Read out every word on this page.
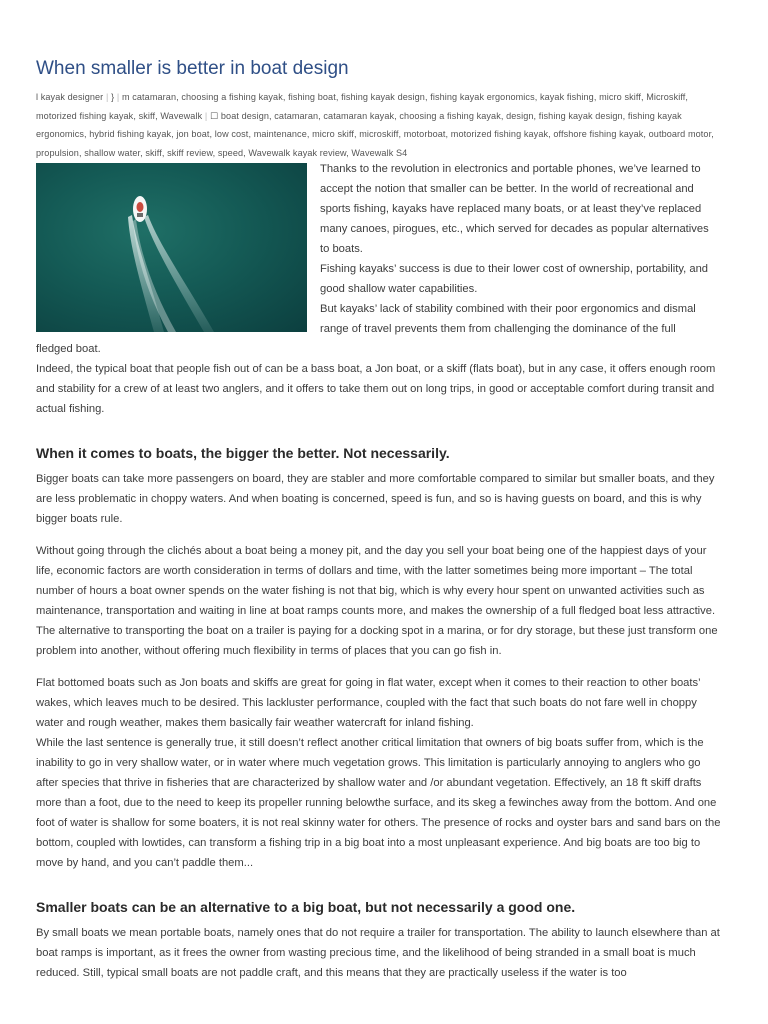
When smaller is better in boat design
l kayak designer | } | m catamaran, choosing a fishing kayak, fishing boat, fishing kayak design, fishing kayak ergonomics, kayak fishing, micro skiff, Microskiff, motorized fishing kayak, skiff, Wavewalk | ☐ boat design, catamaran, catamaran kayak, choosing a fishing kayak, design, fishing kayak design, fishing kayak ergonomics, hybrid fishing kayak, jon boat, low cost, maintenance, micro skiff, microskiff, motorboat, motorized fishing kayak, offshore fishing kayak, outboard motor, propulsion, shallow water, skiff, skiff review, speed, Wavewalk kayak review, Wavewalk S4
Thanks to the revolution in electronics and portable phones, we’ve learned to
accept the notion that smaller can be better. In the world of recreational and
sports fishing, kayaks have replaced many boats, or at least they’ve replaced
many canoes, pirogues, etc., which served for decades as popular alternatives
to boats.
Fishing kayaks’ success is due to their lower cost of ownership, portability, and
good shallow water capabilities.
But kayaks’ lack of stability combined with their poor ergonomics and dismal
range of travel prevents them from challenging the dominance of the full
fledged boat.

Indeed, the typical boat that people fish out of can be a bass boat, a Jon boat, or a skiff (flats boat), but in any case, it offers enough room and stability for a crew of at least two anglers, and it offers to take them out on long trips, in good or acceptable comfort during transit and actual fishing.

When it comes to boats, the bigger the better. Not necessarily.

Bigger boats can take more passengers on board, they are stabler and more comfortable compared to similar but smaller boats, and they are less problematic in choppy waters. And when boating is concerned, speed is fun, and so is having guests on board, and this is why bigger boats rule.

Without going through the clichés about a boat being a money pit, and the day you sell your boat being one of the happiest days of your life, economic factors are worth consideration in terms of dollars and time, with the latter sometimes being more important – The total number of hours a boat owner spends on the water fishing is not that big, which is why every hour spent on unwanted activities such as maintenance, transportation and waiting in line at boat ramps counts more, and makes the ownership of a full fledged boat less attractive. The alternative to transporting the boat on a trailer is paying for a docking spot in a marina, or for dry storage, but these just transform one problem into another, without offering much flexibility in terms of places that you can go fish in.

Flat bottomed boats such as Jon boats and skiffs are great for going in flat water, except when it comes to their reaction to other boats’ wakes, which leaves much to be desired. This lackluster performance, coupled with the fact that such boats do not fare well in choppy water and rough weather, makes them basically fair weather watercraft for inland fishing.

While the last sentence is generally true, it still doesn’t reflect another critical limitation that owners of big boats suffer from, which is the inability to go in very shallow water, or in water where much vegetation grows. This limitation is particularly annoying to anglers who go after species that thrive in fisheries that are characterized by shallow water and /or abundant vegetation. Effectively, an 18 ft skiff drafts more than a foot, due to the need to keep its propeller running belowthe surface, and its skeg a fewinches away from the bottom. And one foot of water is shallow for some boaters, it is not real skinny water for others. The presence of rocks and oyster bars and sand bars on the bottom, coupled with lowtides, can transform a fishing trip in a big boat into a most unpleasant experience. And big boats are too big to move by hand, and you can’t paddle them...

Smaller boats can be an alternative to a big boat, but not necessarily a good one.

By small boats we mean portable boats, namely ones that do not require a trailer for transportation. The ability to launch elsewhere than at boat ramps is important, as it frees the owner from wasting precious time, and the likelihood of being stranded in a small boat is much reduced. Still, typical small boats are not paddle craft, and this means that they are practically useless if the water is too
